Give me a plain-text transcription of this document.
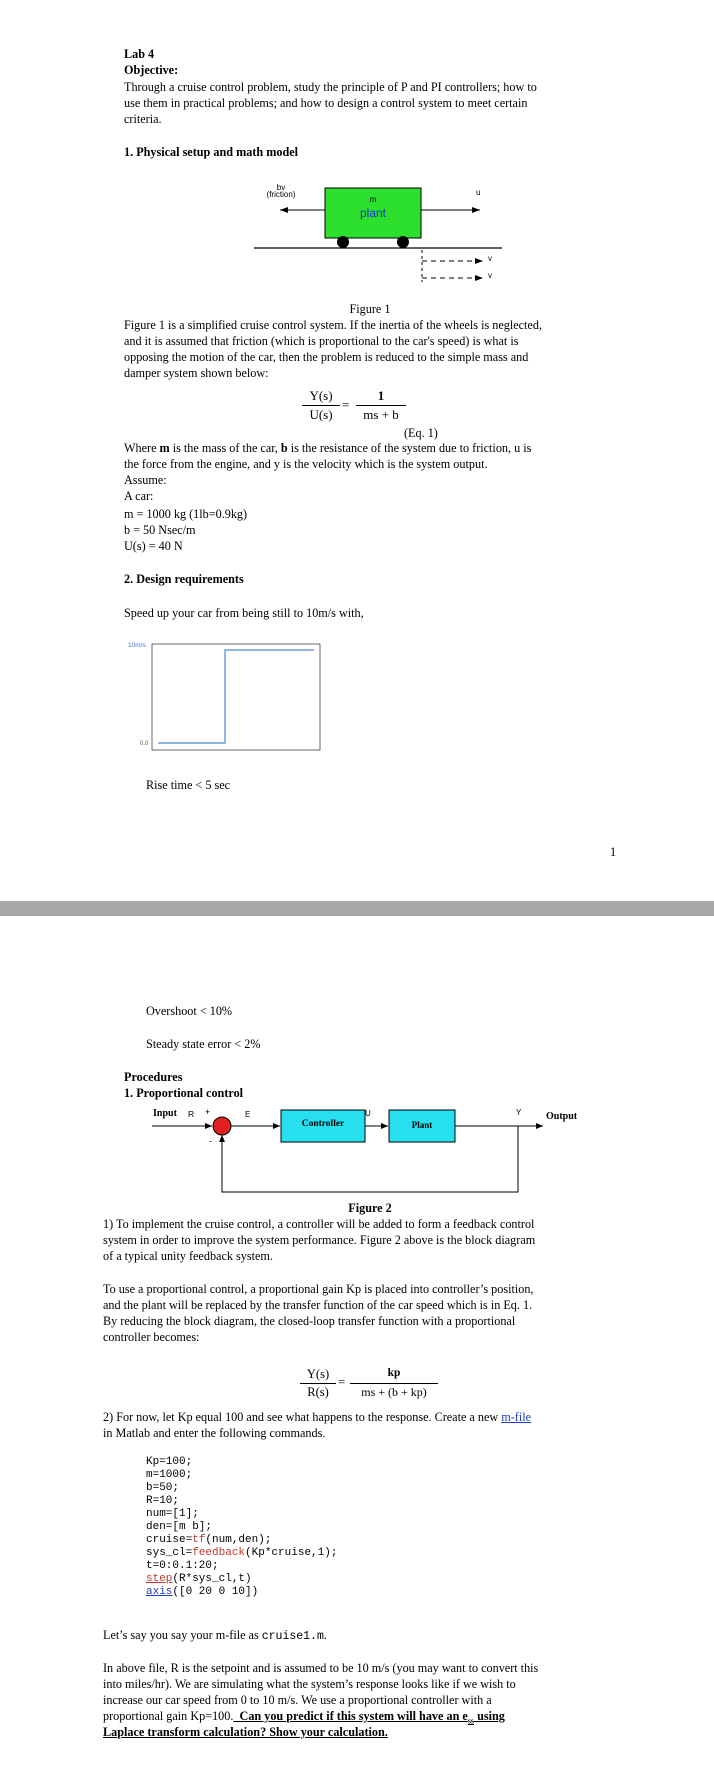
Lab 4
Objective:
Through a cruise control problem, study the principle of P and PI controllers; how to
use them in practical problems; and how to design a control system to meet certain
criteria.
1. Physical setup and math model
bv
(friction)
m
plant
u
v
v
Figure 1
Figure 1 is a simplified cruise control system. If the inertia of the wheels is neglected,
and it is assumed that friction (which is proportional to the car's speed) is what is
opposing the motion of the car, then the problem is reduced to the simple mass and
damper system shown below:
Y(s)
U(s)
=
1
ms + b
(Eq. 1)
Where m is the mass of the car, b is the resistance of the system due to friction, u is
the force from the engine, and y is the velocity which is the system output.
Assume:
A car:
m = 1000 kg (1lb=0.9kg)
b = 50 Nsec/m
U(s) = 40 N
2. Design requirements
Speed up your car from being still to 10m/s with,
10m/s
0.0
Rise time < 5 sec
1
Overshoot < 10%
Steady state error < 2%
Procedures
1. Proportional control
Input R +	E
-
Controller
U
Plant
Y Output
Figure 2
1) To implement the cruise control, a controller will be added to form a feedback control
system in order to improve the system performance. Figure 2 above is the block diagram
of a typical unity feedback system.
To use a proportional control, a proportional gain Kp is placed into controller’s position,
and the plant will be replaced by the transfer function of the car speed which is in Eq. 1.
By reducing the block diagram, the closed-loop transfer function with a proportional
controller becomes:
Y(s)
R(s)
=
kp
ms + (b + kp)
2) For now, let Kp equal 100 and see what happens to the response. Create a new m-file
in Matlab and enter the following commands.
Kp=100;
m=1000;
b=50;
R=10;
num=[1];
den=[m b];
cruise=tf(num,den);
sys_cl=feedback(Kp*cruise,1);
t=0:0.1:20;
step(R*sys_cl,t)
axis([0 20 0 10])
Let’s say you say your m-file as cruise1.m.
In above file, R is the setpoint and is assumed to be 10 m/s (you may want to convert this
into miles/hr). We are simulating what the system’s response looks like if we wish to
increase our car speed from 0 to 10 m/s. We use a proportional controller with a
proportional gain Kp=100.  Can you predict if this system will have an $e_{ss}$ using
Laplace transform calculation? Show your calculation.
